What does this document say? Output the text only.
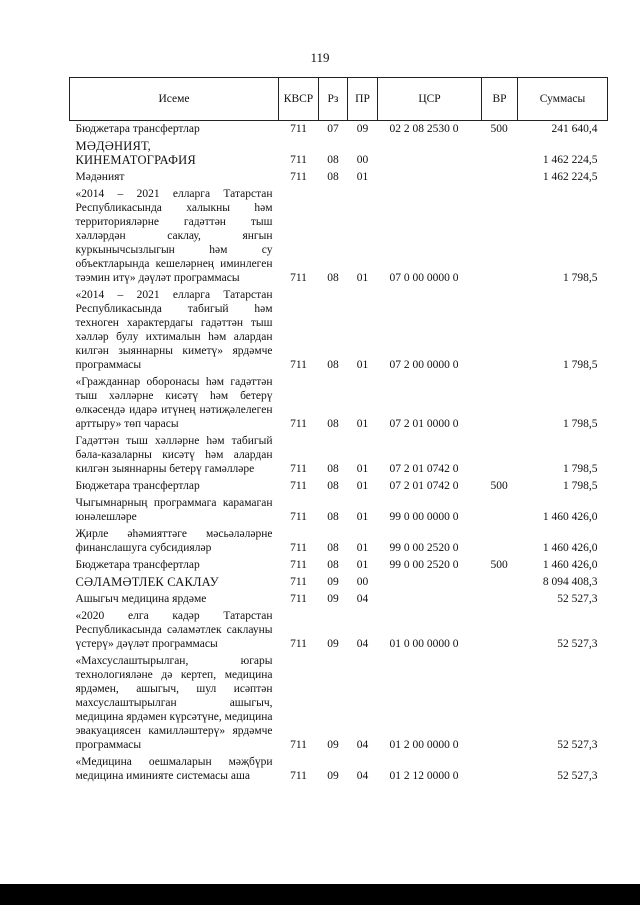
119
Исеме	КВСР	Рз	ПР	ЦСР	ВР	Суммасы
Бюджетара трансфертлар	711	07	09	02 2 08 2530 0	500	241 640,4
МӘДӘНИЯТ, КИНЕМАТОГРАФИЯ	711	08	00			1 462 224,5
Мәдәният	711	08	01			1 462 224,5
«2014 – 2021 елларга Татарстан Республикасында халыкны һәм территорияләрне гадәттән тыш хәлләрдән саклау, янгын куркынычсызлыгын һәм су объектларында кешеләрнең иминлеген тәэмин итү» дәүләт программасы	711	08	01	07 0 00 0000 0		1 798,5
«2014 – 2021 елларга Татарстан Республикасында табигый һәм техноген характердагы гадәттән тыш хәлләр булу ихтималын һәм алардан килгән зыяннарны киметү» ярдәмче программасы	711	08	01	07 2 00 0000 0		1 798,5
«Гражданнар оборонасы һәм гадәттән тыш хәлләрне кисәтү һәм бетерү өлкәсендә идарә итүнең нәтиҗәлелеген арттыру» төп чарасы	711	08	01	07 2 01 0000 0		1 798,5
Гадәттән тыш хәлләрне һәм табигый бәла-казаларны кисәтү һәм алардан килгән зыяннарны бетерү гамәлләре	711	08	01	07 2 01 0742 0		1 798,5
Бюджетара трансфертлар	711	08	01	07 2 01 0742 0	500	1 798,5
Чыгымнарның программага карамаган юнәлешләре	711	08	01	99 0 00 0000 0		1 460 426,0
Җирле әһәмияттәге мәсьәләләрне финанслашуга субсидияләр	711	08	01	99 0 00 2520 0		1 460 426,0
Бюджетара трансфертлар	711	08	01	99 0 00 2520 0	500	1 460 426,0
СӘЛАМӘТЛЕК САКЛАУ	711	09	00			8 094 408,3
Ашыгыч медицина ярдәме	711	09	04			52 527,3
«2020 елга кадәр Татарстан Республикасында сәламәтлек саклауны үстерү» дәүләт программасы	711	09	04	01 0 00 0000 0		52 527,3
«Махсуслаштырылган, югары технологияләне дә кертеп, медицина ярдәмен, ашыгыч, шул исәптән махсуслаштырылган ашыгыч, медицина ярдәмен күрсәтүне, медицина эвакуациясен камилләштерү» ярдәмче программасы	711	09	04	01 2 00 0000 0		52 527,3
«Медицина оешмаларын мәҗбүри медицина иминияте системасы аша	711	09	04	01 2 12 0000 0		52 527,3
